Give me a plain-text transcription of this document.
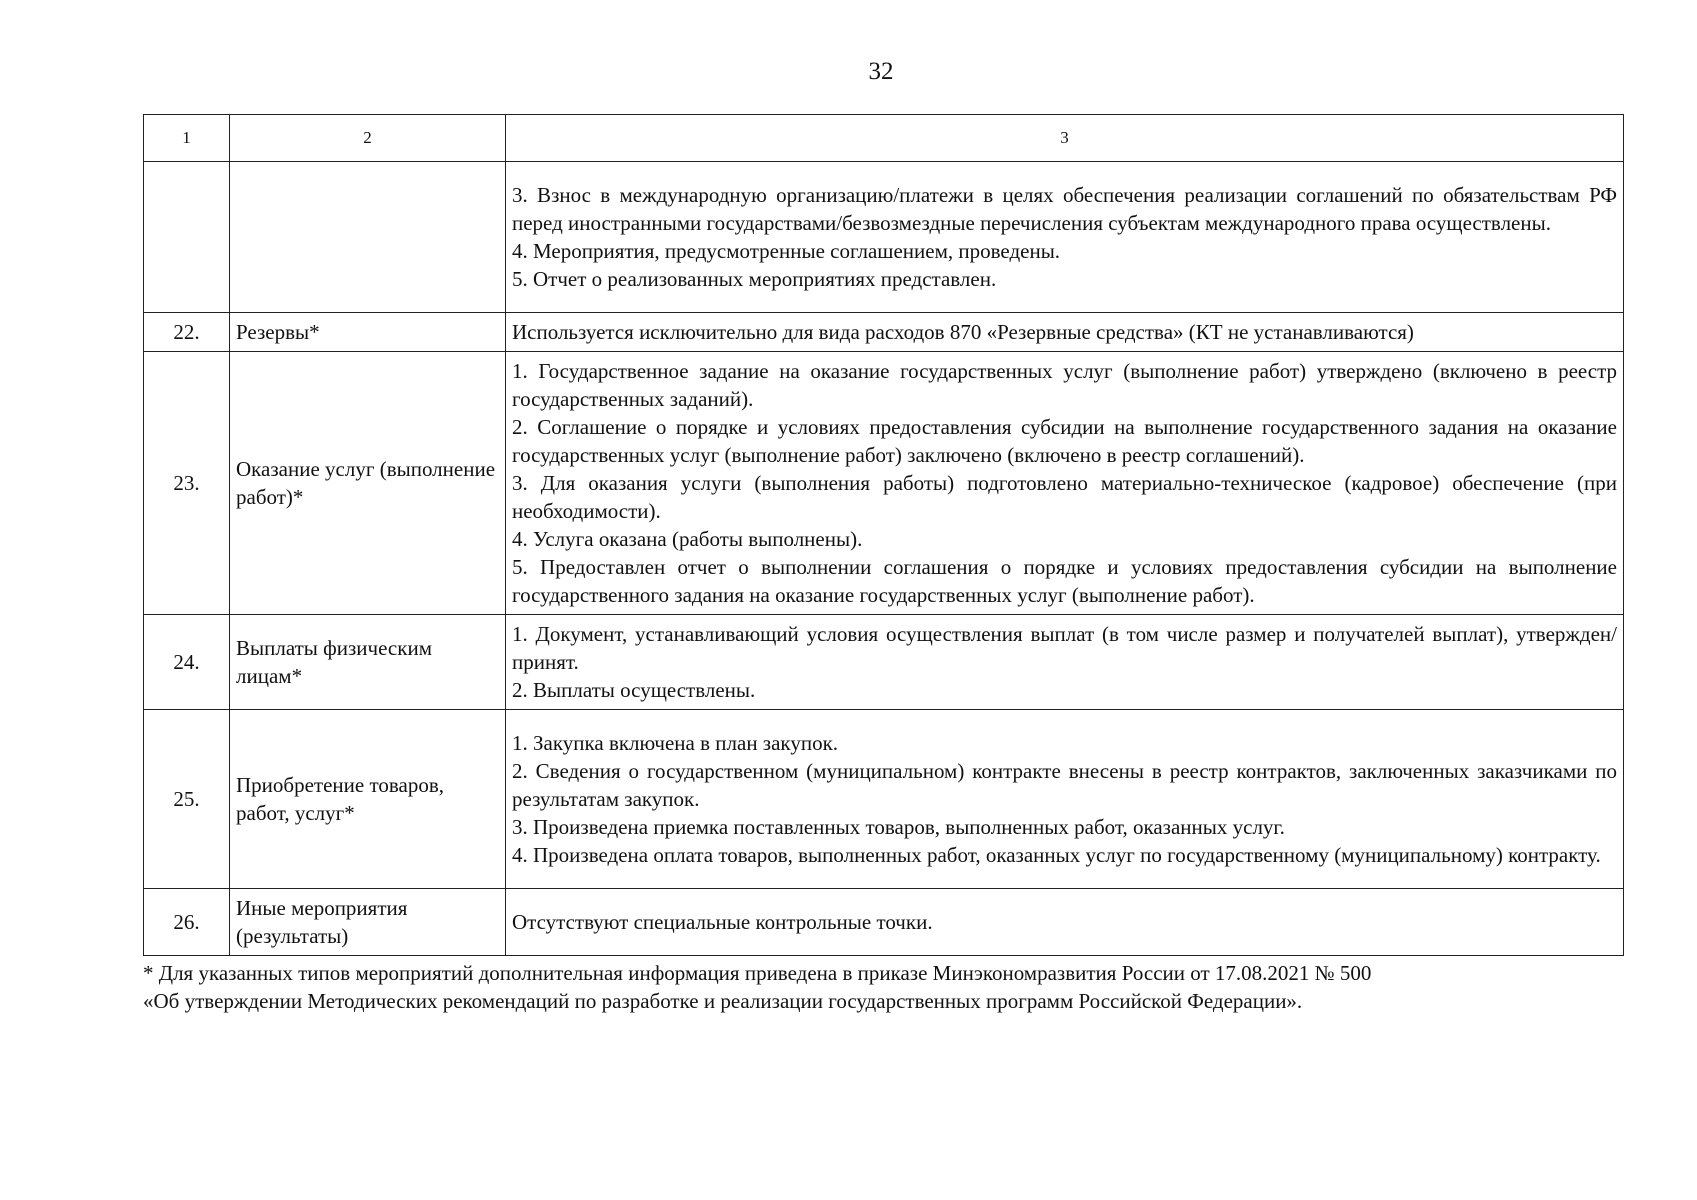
32
1	2	3

		3. Взнос в международную организацию/платежи в целях обеспечения реализации соглашений по обязательствам РФ перед иностранными государствами/безвозмездные перечисления субъектам международного права осуществлены.
4. Мероприятия, предусмотренные соглашением, проведены.
5. Отчет о реализованных мероприятиях представлен.

22.	Резервы*	Используется исключительно для вида расходов 870 «Резервные средства» (КТ не устанавливаются)

23.	Оказание услуг (выполнение работ)*	1. Государственное задание на оказание государственных услуг (выполнение работ) утверждено (включено в реестр государственных заданий).
2. Соглашение о порядке и условиях предоставления субсидии на выполнение государственного задания на оказание государственных услуг (выполнение работ) заключено (включено в реестр соглашений).
3. Для оказания услуги (выполнения работы) подготовлено материально-техническое (кадровое) обеспечение (при необходимости).
4. Услуга оказана (работы выполнены).
5. Предоставлен отчет о выполнении соглашения о порядке и условиях предоставления субсидии на выполнение государственного задания на оказание государственных услуг (выполнение работ).

24.	Выплаты физическим лицам*	1. Документ, устанавливающий условия осуществления выплат (в том числе размер и получателей выплат), утвержден/принят.
2. Выплаты осуществлены.

25.	Приобретение товаров, работ, услуг*	1. Закупка включена в план закупок.
2. Сведения о государственном (муниципальном) контракте внесены в реестр контрактов, заключенных заказчиками по результатам закупок.
3. Произведена приемка поставленных товаров, выполненных работ, оказанных услуг.
4. Произведена оплата товаров, выполненных работ, оказанных услуг по государственному (муниципальному) контракту.

26.	Иные мероприятия (результаты)	Отсутствуют специальные контрольные точки.
* Для указанных типов мероприятий дополнительная информация приведена в приказе Минэкономразвития России от 17.08.2021 № 500
«Об утверждении Методических рекомендаций по разработке и реализации государственных программ Российской Федерации».
